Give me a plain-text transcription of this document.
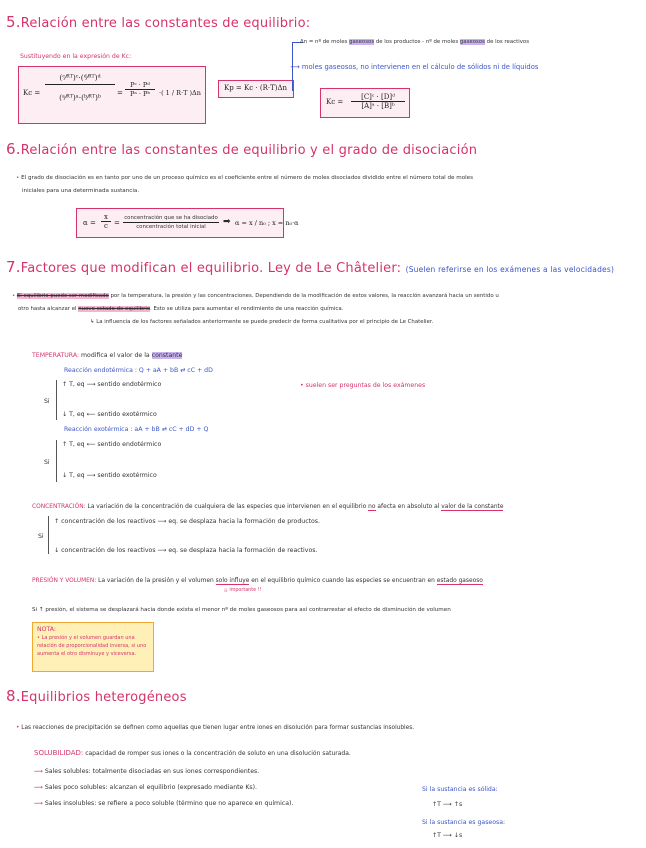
5.Relación entre las constantes de equilibrio:
Sustituyendo en la expresión de Kc:
$Kc = \frac{\text{(ᶜ⁄ᴿᵀ)ᶜ·(ᵈ⁄ᴿᵀ)ᵈ}}{\text{(ᵃ⁄ᴿᵀ)ᵃ·(ᵇ⁄ᴿᵀ)ᵇ}}$ =
Pᶜ · Pᵈ
Pᵃ · Pᵇ	·( 1 / R·T )Δn
Kp = Kc · (R·T)Δn
Δn = nº de moles gaseosos de los productos - nº de moles gaseosos de los reactivos
⟶ moles gaseosos, no intervienen en el cálculo de sólidos ni de líquidos
Kc =
[C]ᶜ · [D]ᵈ
[A]ᵃ · [B]ᵇ
6.Relación entre las constantes de equilibrio y el grado de disociación
• El grado de disociación es en tanto por uno de un proceso químico es el coeficiente entre el número de moles disociados dividido entre el número total de moles
iniciales para una determinada sustancia.
α =
x
c =
concentración que se ha disociado
concentración total inicial	➡ α = x / n₀ ; x = n₀·α
7.Factores que modifican el equilibrio. Ley de Le Châtelier: (Suelen referirse en los exámenes a las velocidades)
• El equilibrio puede ser modificado por la temperatura, la presión y las concentraciones. Dependiendo de la modificación de estos valores, la reacción avanzará hacia un sentido u
otro hasta alcanzar el nuevo estado de equilibrio. Esto se utiliza para aumentar el rendimiento de una reacción química.
↳ La influencia de los factores señalados anteriormente se puede predecir de forma cualitativa por el principio de Le Chatelier.
TEMPERATURA: modifica el valor de la constante
Reacción endotérmica : Q + aA + bB ⇄ cC + dD
Si
↑ T, eq ⟶ sentido endotérmico
↓ T, eq ⟵ sentido exotérmico
• suelen ser preguntas de los exámenes
Reacción exotérmica : aA + bB ⇄ cC + dD + Q
Si
↑ T, eq ⟵ sentido endotérmico
↓ T, eq ⟶ sentido exotérmico
CONCENTRACIÓN: La variación de la concentración de cualquiera de las especies que intervienen en el equilibrio no afecta en absoluto al valor de la constante
Si
↑ concentración de los reactivos ⟶ eq. se desplaza hacia la formación de productos.
↓ concentración de los reactivos ⟶ eq. se desplaza hacia la formación de reactivos.
PRESIÓN Y VOLUMEN: La variación de la presión y el volumen solo influye en el equilibrio químico cuando las especies se encuentran en estado gaseoso
¡¡ importante !!
Si ↑ presión, el sistema se desplazará hacia donde exista el menor nº de moles gaseosos para así contrarrestar el efecto de disminución de volumen
NOTA:
• La presión y el volumen guardan una relación de proporcionalidad inversa, si uno aumenta el otro disminuye y viceversa.
8.Equilibrios heterogéneos
• Las reacciones de precipitación se definen como aquellas que tienen lugar entre iones en disolución para formar sustancias insolubles.
SOLUBILIDAD: capacidad de romper sus iones o la concentración de soluto en una disolución saturada.
⟿ Sales solubles: totalmente disociadas en sus iones correspondientes.
⟿ Sales poco solubles: alcanzan el equilibrio (expresado mediante Ks).
⟿ Sales insolubles: se refiere a poco soluble (término que no aparece en química).
Si la sustancia es sólida:
↑T ⟶ ↑s
Si la sustancia es gaseosa:
↑T ⟶ ↓s
